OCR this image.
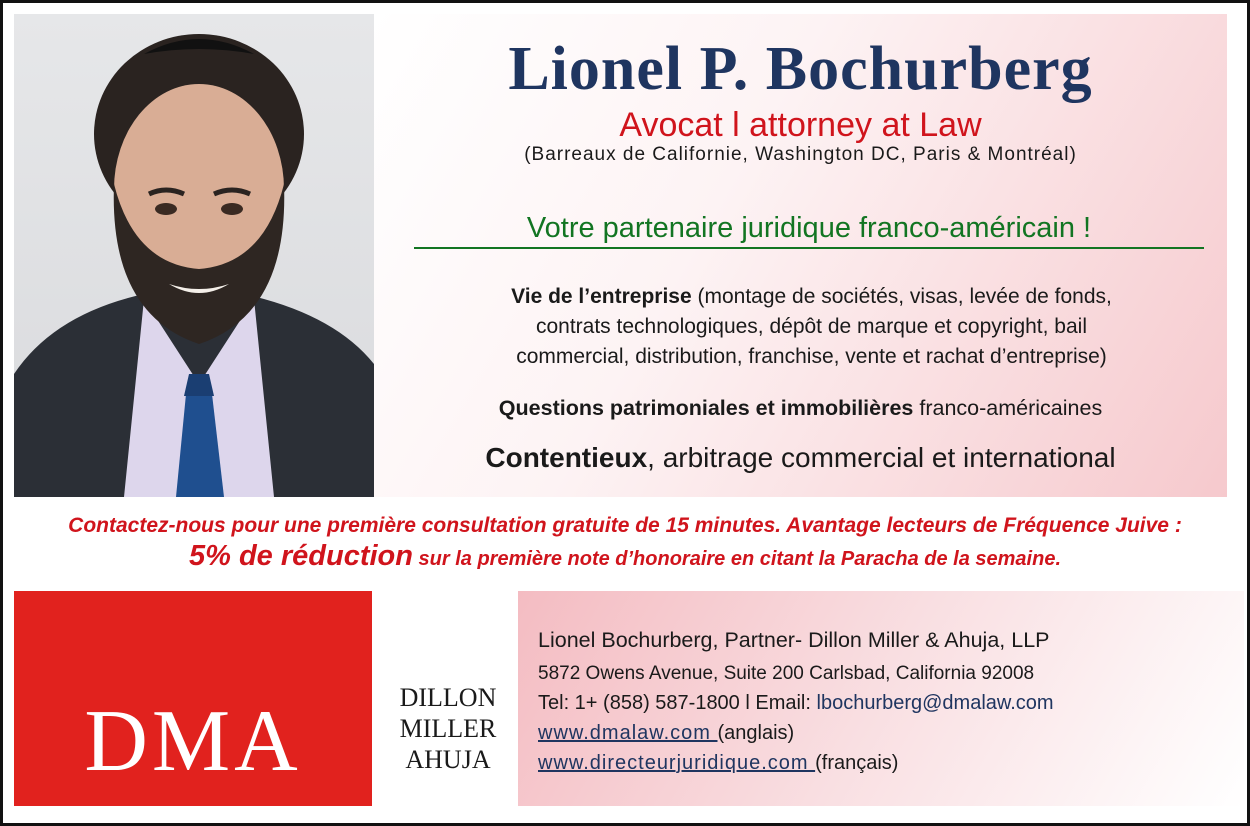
Lionel P. Bochurberg
Avocat l attorney at Law
(Barreaux de Californie, Washington DC, Paris & Montréal)
Votre partenaire juridique franco-américain !
Vie de l’entreprise (montage de sociétés, visas, levée de fonds,
contrats technologiques, dépôt de marque et copyright, bail
commercial, distribution, franchise, vente et rachat d’entreprise)
Questions patrimoniales et immobilières franco-américaines
Contentieux, arbitrage commercial et international
Contactez-nous pour une première consultation gratuite de 15 minutes. Avantage lecteurs de Fréquence Juive :
5% de réduction sur la première note d’honoraire en citant la Paracha de la semaine.
DMA	DILLON
MILLER
AHUJA
Lionel Bochurberg, Partner- Dillon Miller & Ahuja, LLP
5872 Owens Avenue, Suite 200 Carlsbad, California 92008
Tel: 1+ (858) 587-1800 l Email: lbochurberg@dmalaw.com
www.dmalaw.com (anglais)
www.directeurjuridique.com (français)
